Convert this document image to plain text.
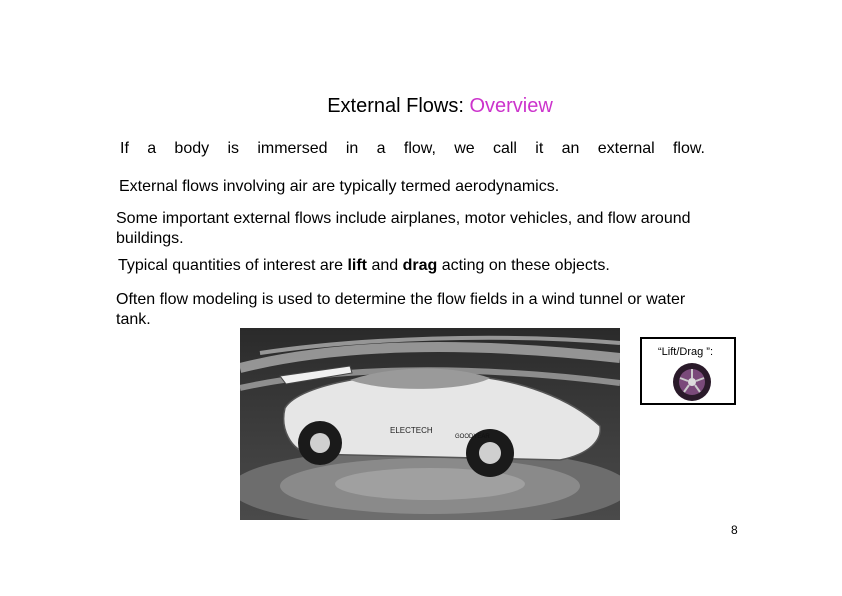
External Flows: Overview
If a body is immersed in a flow, we call it an external flow.
External flows involving air are typically termed aerodynamics.
Some important external flows include airplanes, motor vehicles, and flow around buildings.
Typical quantities of interest are lift and drag acting on these objects.
Often flow modeling is used to determine the flow fields in a wind tunnel or water tank.
ELECTECH
GOODYEAR
“Lift/Drag ”:
8
